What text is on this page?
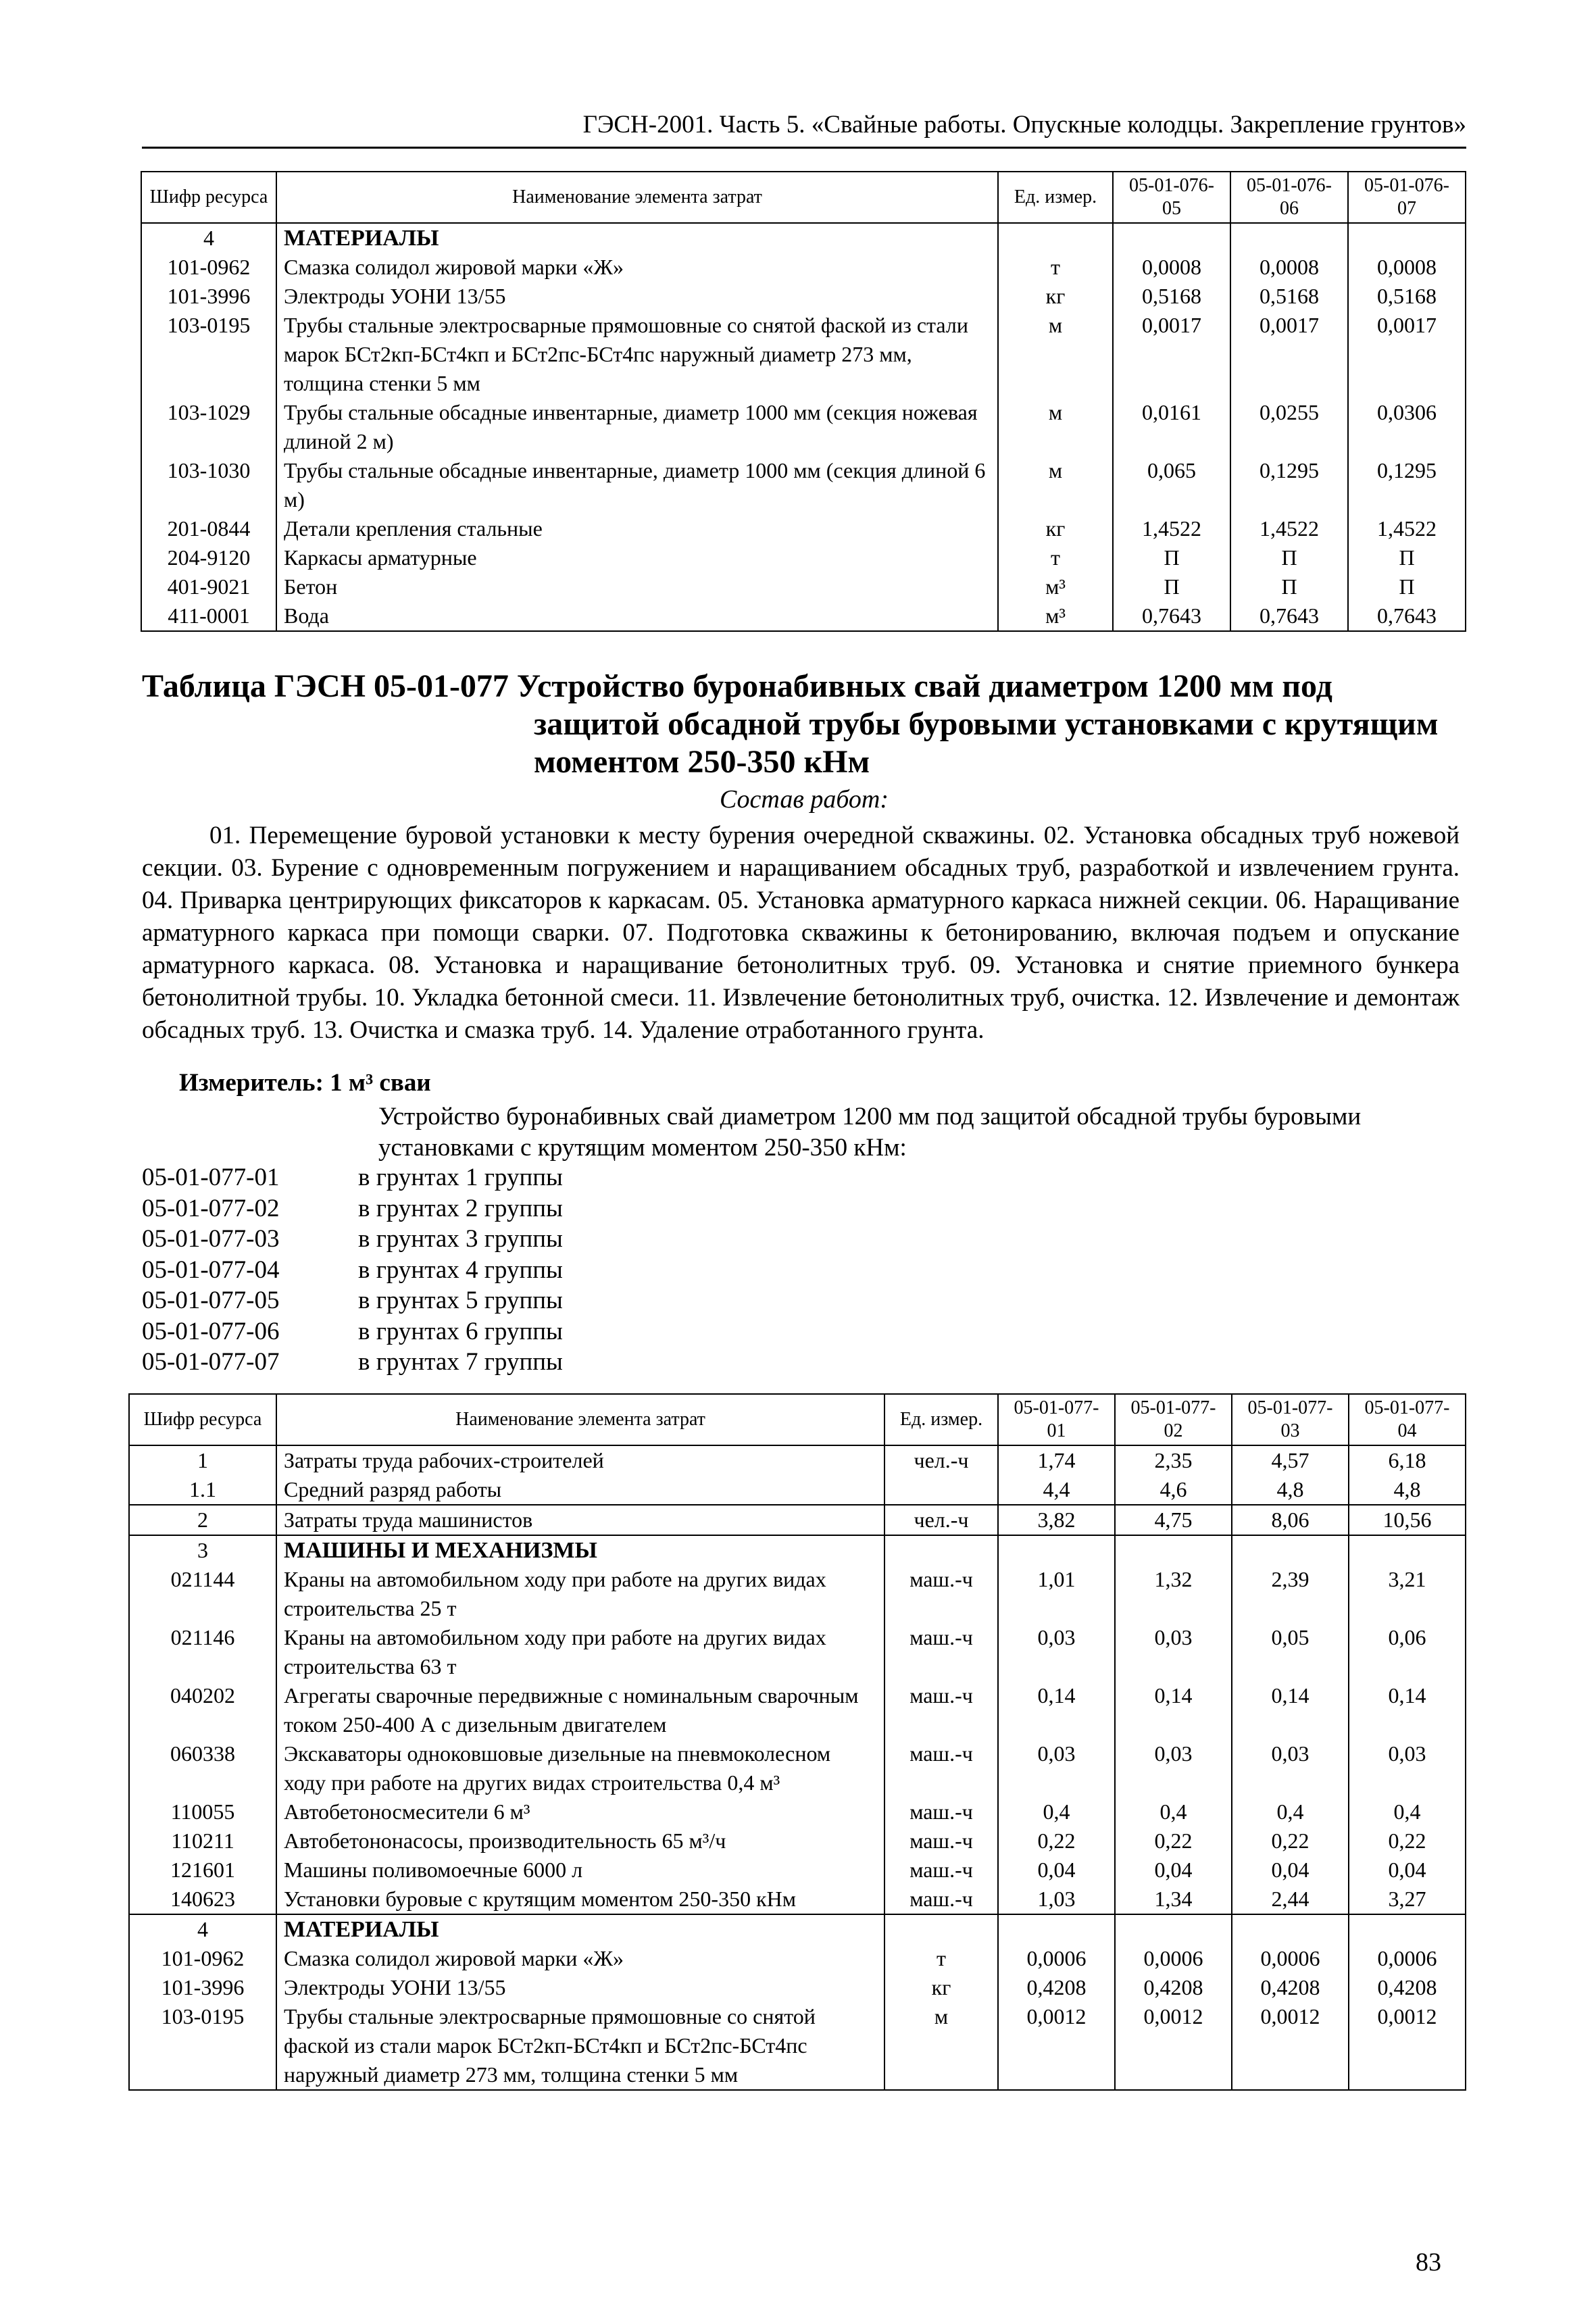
ГЭСН-2001. Часть 5. «Свайные работы. Опускные колодцы. Закрепление грунтов»
Шифр ресурса	Наименование элемента затрат	Ед. измер.	05-01-076-05	05-01-076-06	05-01-076-07
4	МАТЕРИАЛЫ				
101-0962	Смазка солидол жировой марки «Ж»	т	0,0008	0,0008	0,0008
101-3996	Электроды УОНИ 13/55	кг	0,5168	0,5168	0,5168
103-0195	Трубы стальные электросварные прямошовные со снятой фаской из стали марок БСт2кп-БСт4кп и БСт2пс-БСт4пс наружный диаметр 273 мм, толщина стенки 5 мм	м	0,0017	0,0017	0,0017
103-1029	Трубы стальные обсадные инвентарные, диаметр 1000 мм (секция ножевая длиной 2 м)	м	0,0161	0,0255	0,0306
103-1030	Трубы стальные обсадные инвентарные, диаметр 1000 мм (секция длиной 6 м)	м	0,065	0,1295	0,1295
201-0844	Детали крепления стальные	кг	1,4522	1,4522	1,4522
204-9120	Каркасы арматурные	т	П	П	П
401-9021	Бетон	м³	П	П	П
411-0001	Вода	м³	0,7643	0,7643	0,7643
Таблица ГЭСН 05-01-077 Устройство буронабивных свай диаметром 1200 мм под
защитой обсадной трубы буровыми установками с крутящим
моментом 250-350 кНм
Состав работ:
01. Перемещение буровой установки к месту бурения очередной скважины. 02. Установка обсадных труб ножевой секции. 03. Бурение с одновременным погружением и наращиванием обсадных труб, разработкой и извлечением грунта. 04. Приварка центрирующих фиксаторов к каркасам. 05. Установка арматурного каркаса нижней секции. 06. Наращивание арматурного каркаса при помощи сварки. 07. Подготовка скважины к бетонированию, включая подъем и опускание арматурного каркаса. 08. Установка и наращивание бетонолитных труб. 09. Установка и снятие приемного бункера бетонолитной трубы. 10. Укладка бетонной смеси. 11. Извлечение бетонолитных труб, очистка. 12. Извлечение и демонтаж обсадных труб. 13. Очистка и смазка труб. 14. Удаление отработанного грунта.
Измеритель: 1 м³ сваи
Устройство буронабивных свай диаметром 1200 мм под защитой обсадной трубы буровыми установками с крутящим моментом 250-350 кНм:
05-01-077-01	в грунтах 1 группы
05-01-077-02	в грунтах 2 группы
05-01-077-03	в грунтах 3 группы
05-01-077-04	в грунтах 4 группы
05-01-077-05	в грунтах 5 группы
05-01-077-06	в грунтах 6 группы
05-01-077-07	в грунтах 7 группы
Шифр ресурса	Наименование элемента затрат	Ед. измер.	05-01-077-01	05-01-077-02	05-01-077-03	05-01-077-04
1	Затраты труда рабочих-строителей	чел.-ч	1,74	2,35	4,57	6,18
1.1	Средний разряд работы		4,4	4,6	4,8	4,8
2	Затраты труда машинистов	чел.-ч	3,82	4,75	8,06	10,56
3	МАШИНЫ И МЕХАНИЗМЫ					
021144	Краны на автомобильном ходу при работе на других видах строительства 25 т	маш.-ч	1,01	1,32	2,39	3,21
021146	Краны на автомобильном ходу при работе на других видах строительства 63 т	маш.-ч	0,03	0,03	0,05	0,06
040202	Агрегаты сварочные передвижные с номинальным сварочным током 250-400 А с дизельным двигателем	маш.-ч	0,14	0,14	0,14	0,14
060338	Экскаваторы одноковшовые дизельные на пневмоколесном ходу при работе на других видах строительства 0,4 м³	маш.-ч	0,03	0,03	0,03	0,03
110055	Автобетоносмесители 6 м³	маш.-ч	0,4	0,4	0,4	0,4
110211	Автобетононасосы, производительность 65 м³/ч	маш.-ч	0,22	0,22	0,22	0,22
121601	Машины поливомоечные 6000 л	маш.-ч	0,04	0,04	0,04	0,04
140623	Установки буровые с крутящим моментом 250-350 кНм	маш.-ч	1,03	1,34	2,44	3,27
4	МАТЕРИАЛЫ					
101-0962	Смазка солидол жировой марки «Ж»	т	0,0006	0,0006	0,0006	0,0006
101-3996	Электроды УОНИ 13/55	кг	0,4208	0,4208	0,4208	0,4208
103-0195	Трубы стальные электросварные прямошовные со снятой фаской из стали марок БСт2кп-БСт4кп и БСт2пс-БСт4пс наружный диаметр 273 мм, толщина стенки 5 мм	м	0,0012	0,0012	0,0012	0,0012
83
